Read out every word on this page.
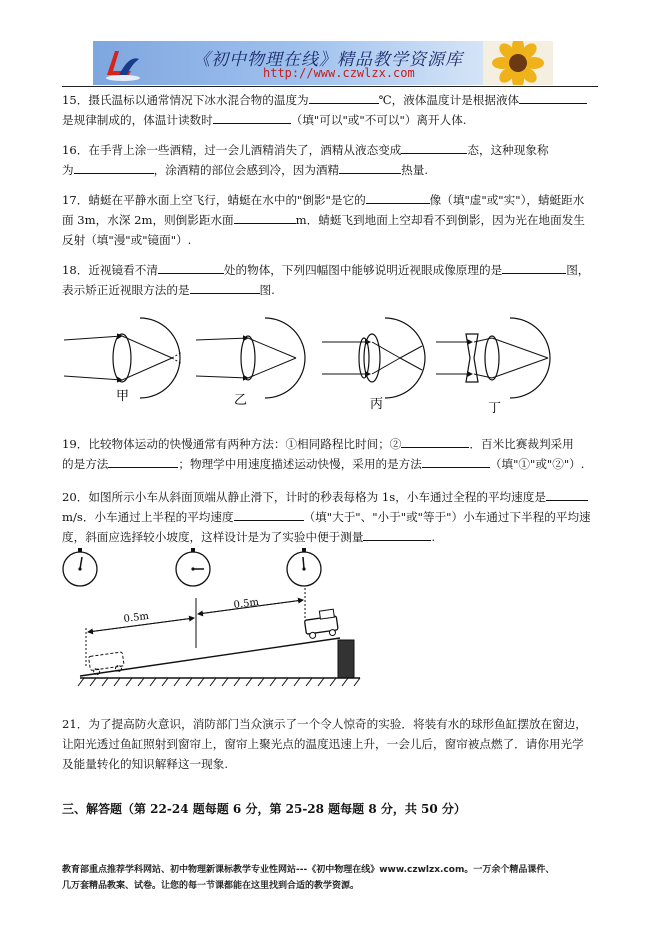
《初中物理在线》精品教学资源库
http://www.czwlzx.com
15．摄氏温标以通常情况下冰水混合物的温度为	℃，液体温度计是根据液体
是规律制成的，体温计读数时	（填"可以"或"不可以"）离开人体.
16．在手背上涂一些酒精，过一会儿酒精消失了，酒精从液态变成	态，这种现象称
为	，涂酒精的部位会感到冷，因为酒精	热量.
17．蜻蜓在平静水面上空飞行，蜻蜓在水中的"倒影"是它的	像（填"虚"或"实"），蜻蜓距水
面 3m，水深 2m，则倒影距水面	m．蜻蜓飞到地面上空却看不到倒影，因为光在地面发生
反射（填"漫"或"镜面"）.
18．近视镜看不清	处的物体，下列四幅图中能够说明近视眼成像原理的是	图，
表示矫正近视眼方法的是	图.
甲	乙	丙	丁
19．比较物体运动的快慢通常有两种方法：①相同路程比时间；②	．百米比赛裁判采用
的是方法	；物理学中用速度描述运动快慢，采用的是方法	（填"①"或"②"）.
20．如图所示小车从斜面顶端从静止滑下，计时的秒表每格为 1s，小车通过全程的平均速度是
m/s．小车通过上半程的平均速度	（填"大于"、"小于"或"等于"）小车通过下半程的平均速
度，斜面应选择较小坡度，这样设计是为了实验中便于测量	.
0.5m
0.5m
21．为了提高防火意识，消防部门当众演示了一个令人惊奇的实验．将装有水的球形鱼缸摆放在窗边，
让阳光透过鱼缸照射到窗帘上，窗帘上聚光点的温度迅速上升，一会儿后，窗帘被点燃了．请你用光学
及能量转化的知识解释这一现象.
三、解答题（第 22-24 题每题 6 分，第 25-28 题每题 8 分，共 50 分）
教育部重点推荐学科网站、初中物理新课标教学专业性网站---《初中物理在线》www.czwlzx.com。一万余个精品课件、
几万套精品教案、试卷。让您的每一节课都能在这里找到合适的教学资源。
